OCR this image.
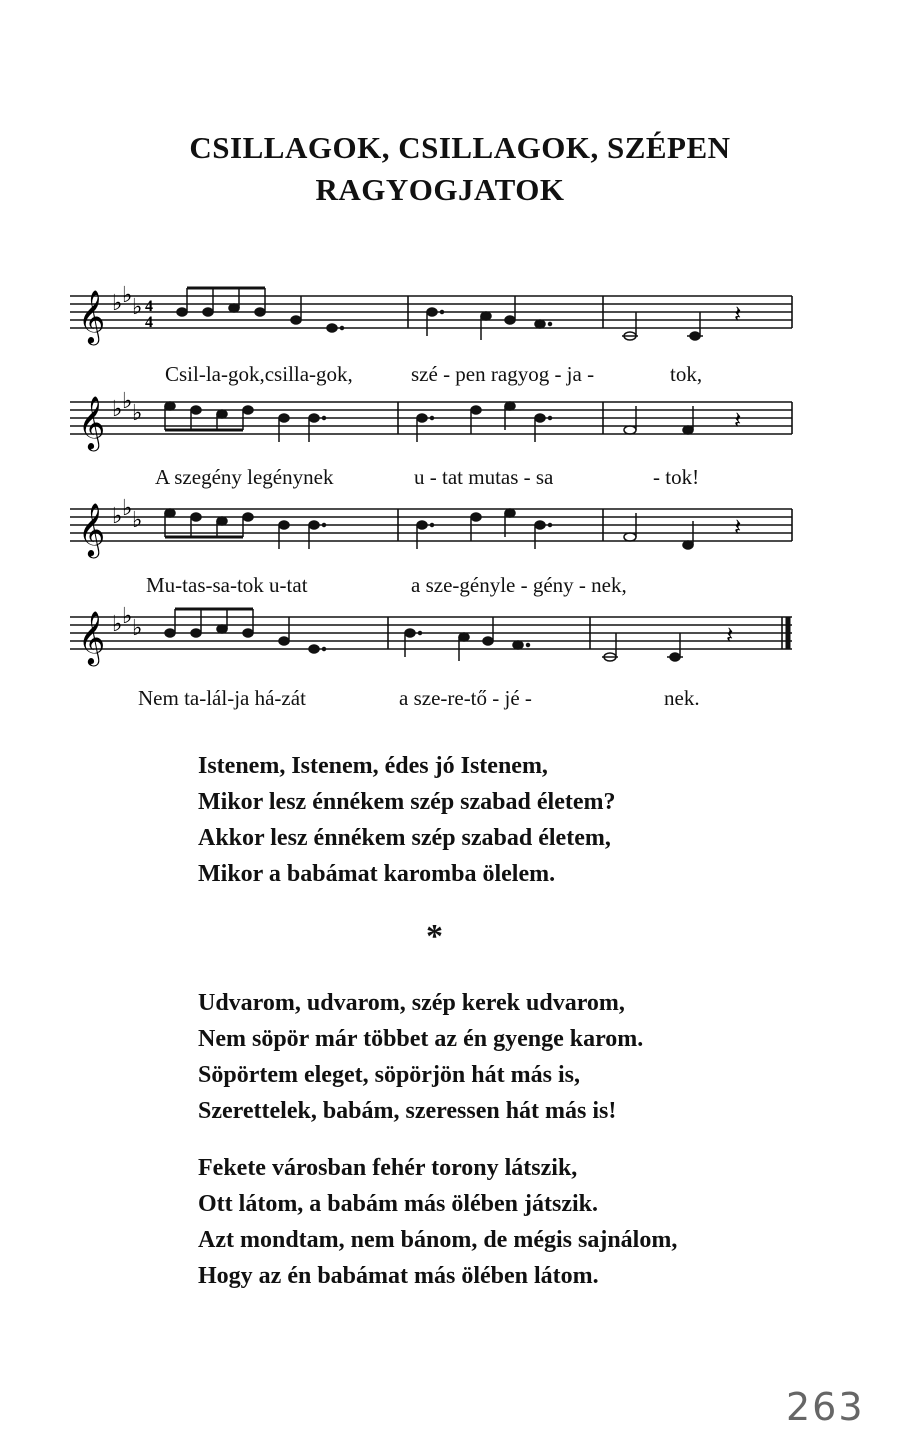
CSILLAGOK, CSILLAGOK, SZÉPEN
RAGYOGJATOK
𝄞 ♭ ♭ ♭ 4
4	𝄽
Csil-la-gok,csilla-gok,	szé - pen ragyog - ja -	tok,
𝄞 ♭ ♭ ♭	𝄽
A szegény legénynek	u - tat mutas - sa	- tok!
𝄞 ♭ ♭ ♭	𝄽
Mu-tas-sa-tok u-tat	a sze-génylе - gény - nek,
𝄞 ♭ ♭ ♭	𝄽
Nem ta-lál-ja há-zát	a sze-re-tő - jé -	nek.
Istenem, Istenem, édes jó Istenem,
Mikor lesz énnékem szép szabad életem?
Akkor lesz énnékem szép szabad életem,
Mikor a babámat karomba ölelem.
*
Udvarom, udvarom, szép kerek udvarom,
Nem söpör már többet az én gyenge karom.
Söpörtem eleget, söpörjön hát más is,
Szerettelek, babám, szeressen hát más is!
Fekete városban fehér torony látszik,
Ott látom, a babám más ölében játszik.
Azt mondtam, nem bánom, de mégis sajnálom,
Hogy az én babámat más ölében látom.
263
